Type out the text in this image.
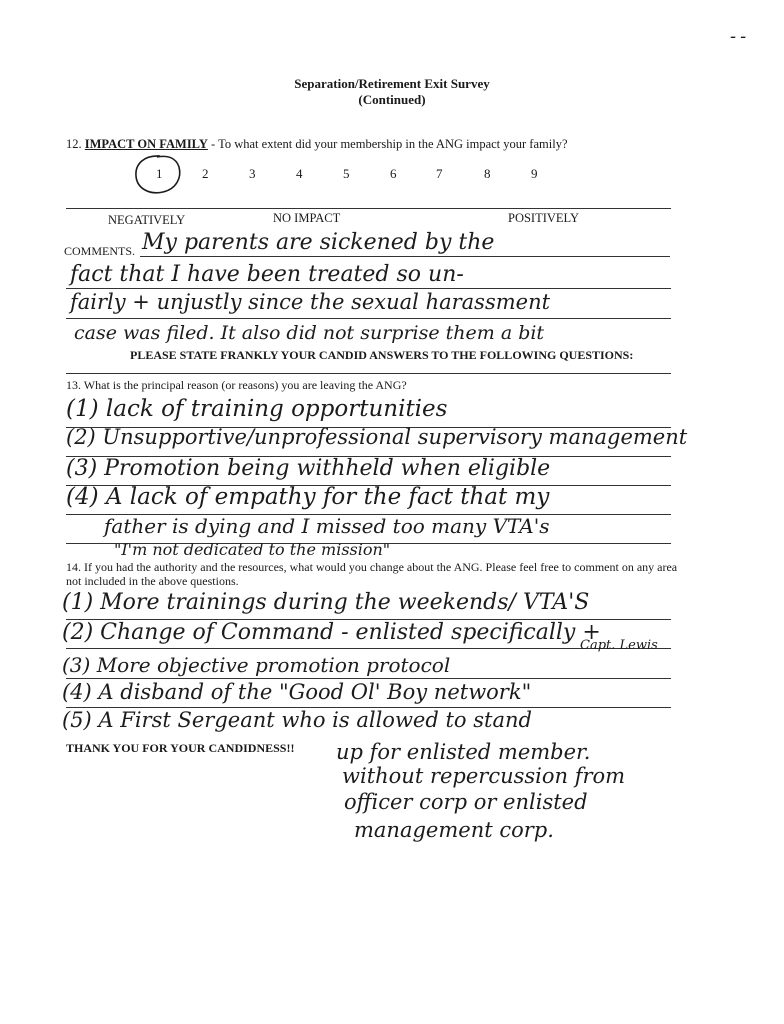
--
Separation/Retirement Exit Survey
(Continued)
12. IMPACT ON FAMILY - To what extent did your membership in the ANG impact your family?
1	2	3	4	5	6	7	8	9
NEGATIVELY	NO IMPACT	POSITIVELY
COMMENTS. My parents are sickened by the
fact that I have been treated so un-
fairly + unjustly since the sexual harassment
case was filed. It also did not surprise them a bit
PLEASE STATE FRANKLY YOUR CANDID ANSWERS TO THE FOLLOWING QUESTIONS:
13. What is the principal reason (or reasons) you are leaving the ANG?
(1) lack of training opportunities
(2) Unsupportive/unprofessional supervisory management
(3) Promotion being withheld when eligible
(4) A lack of empathy for the fact that my
father is dying and I missed too many VTA's
"I'm not dedicated to the mission"
14. If you had the authority and the resources, what would you change about the ANG. Please feel free to comment on any area
not included in the above questions.
(1) More trainings during the weekends/ VTA'S
(2) Change of Command - enlisted specifically +
Capt. Lewis
(3) More objective promotion protocol
(4) A disband of the "Good Ol' Boy network"
(5) A First Sergeant who is allowed to stand
THANK YOU FOR YOUR CANDIDNESS!! up for enlisted member.
without repercussion from
officer corp or enlisted
management corp.
